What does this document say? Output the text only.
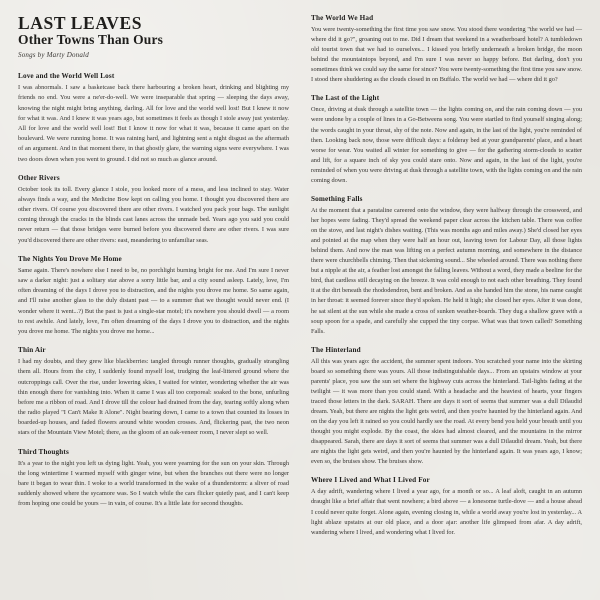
LAST LEAVES
Other Towns Than Ours
Songs by Marty Donald
Love and the World Well Lost
I was abnormals. I saw a basketcase back there harbouring a broken heart, drinking and blighting my friends no end. You were a ne'er-do-well. We were inseparable that spring — sleeping the days away, knowing the night might bring anything, darling. All for love and the world well lost! But I knew it now for what it was. And I knew it was years ago, but sometimes it feels as though I stole away just yesterday. All for love and the world well lost! But I know it now for what it was, because it came apart on the boulevard. We were running home. It was raining hard, and lightning sent a night disgust as the aftermath of an argument. And in that moment there, in that ghostly glare, the warning signs were everywhere. I was two doors down when you went to ground. I did not so much as glance around.
Other Rivers
October took its toll. Every glance I stole, you looked more of a mess, and less inclined to stay. Water always finds a way, and the Medicine Bow kept on calling you home. I thought you discovered there are other rivers. Of course you discovered there are other rivers. I watched you pack your bags. The sunlight coming through the cracks in the blinds cast lanes across the unmade bed. Years ago you said you could never return — that those bridges were burned before you discovered there are other rivers. I was sure you'd discovered there are other rivers: east, meandering to unfamiliar seas.
The Nights You Drove Me Home
Same again. There's nowhere else I need to be, no porchlight burning bright for me. And I'm sure I never saw a darker night: just a solitary star above a sorry little bar, and a city sound asleep. Lately, love, I'm often dreaming of the days I drove you to distraction, and the nights you drove me home. So same again, and I'll raise another glass to the duly distant past — to a summer that we thought would never end. (I wonder where it went...?) But the past is just a single-star motel; it's nowhere you should dwell — a room to rest awhile. And lately, love, I'm often dreaming of the days I drove you to distraction, and the nights you drove me home. The nights you drove me home...
Thin Air
I had my doubts, and they grew like blackberries: tangled through runner thoughts, gradually strangling them all. Hours from the city, I suddenly found myself lost, trudging the leaf-littered ground where the outcroppings call. Over the rise, under lowering skies, I waited for winter, wondering whether the air was thin enough there for vanishing into. When it came I was all too corporeal: soaked to the bone, unfurling before me a ribbon of road. And I drove till the colour had drained from the day, tearing softly along when the radio played "I Can't Make It Alone". Night bearing down, I came to a town that counted its losses in boarded-up houses, and faded flowers around white wooden crosses. And, flickering past, the two neon stars of the Mountain View Motel; there, as the gloom of an oak-veneer room, I never slept so well.
Third Thoughts
It's a year to the night you left us dying light. Yeah, you were yearning for the sun on your skin. Through the long wintertime I warmed myself with ginger wine, but when the branches out there were no longer bare it began to wear thin. I woke to a world transformed in the wake of a thunderstorm: a sliver of road suddenly showed where the sycamore was. So I watch while the cars flicker quietly past, and I can't keep from hoping one could be yours — in vain, of course. It's a little late for second thoughts.
The World We Had
You were twenty-something the first time you saw snow. You stood there wondering "the world we had — where did it go?", groaning out to me. Did I dream that weekend in a weatherboard hotel? A tumbledown old tourist town that we had to ourselves... I kissed you briefly underneath a broken bridge, the moon behind the mountaintops beyond, and I'm sure I was never so happy before. But darling, don't you sometimes think we could say the same for since? You were twenty-something the first time you saw snow. I stood there shuddering as the clouds closed in on Buffalo. The world we had — where did it go?
The Last of the Light
Once, driving at dusk through a satellite town — the lights coming on, and the rain coming down — you were undone by a couple of lines in a Go-Betweens song. You were startled to find yourself singing along; the words caught in your throat, shy of the note. Now and again, in the last of the light, you're reminded of then. Looking back now, those were difficult days: a folderay bed at your grandparents' place, and a heart worse for wear. You waited all winter for something to give — for the gathering storm-clouds to scatter and lift, for a square inch of sky you could stare onto. Now and again, in the last of the light, you're reminded of when you were driving at dusk through a satellite town, with the lights coming on and the rain coming down.
Something Falls
At the moment that a parataline careered onto the window, they were halfway through the crossword, and her hopes were fading. They'd spread the weekend paper clear across the kitchen table. There was coffee on the stove, and last night's dishes waiting. (This was months ago and miles away.) She'd closed her eyes and pointed at the map when they were half an hour out, leaving town for Labour Day, all those lights behind them. And now the man was lifting on a perfect autumn morning, and somewhere in the distance there were churchbells chiming. Then that sickening sound... She wheeled around. There was nothing there but a nipple at the air, a feather lost amongst the falling leaves. Without a word, they made a beeline for the bird, that cardless still decaying on the breeze. It was cold enough to not each other breathing. They found it at the dirt beneath the rhododendron, bent and broken. And as she handed him the stone, his name caught in her throat: it seemed forever since they'd spoken. He held it high; she closed her eyes. After it was done, he sat silent at the sun while she made a cross of sunken weather-boards. They dug a shallow grave with a soup spoon for a spade, and carefully she cupped the tiny corpse. What was that town called? Something Falls.
The Hinterland
All this was years ago: the accident, the summer spent indoors. You scratched your name into the skirting board so something there was yours. All those indistinguishable days... From an upstairs window at your parents' place, you saw the sun set where the highway cuts across the hinterland. Tail-lights fading at the twilight — it was more than you could stand. With a headache and the heaviest of hearts, your fingers traced those letters in the dark. SARAH. There are days it sort of seems that summer was a dull Dilaudid dream. Yeah, but there are nights the light gets weird, and then you're haunted by the hinterland again. And on the day you left it rained so you could hardly see the road. At every bend you held your breath until you thought you might explode. By the coast, the skies had almost cleared, and the mountains in the mirror disappeared. Sarah, there are days it sort of seems that summer was a dull Dilaudid dream. Yeah, but there are nights the light gets weird, and then you're haunted by the hinterland again. It was years ago, I know; even so, the bruises show. The bruises show.
Where I Lived and What I Lived For
A day adrift, wandering where I lived a year ago, for a month or so... A leaf aloft, caught in an autumn draught like a brief affair that went nowhere; a bird above — a lonesome turtle-dove — and a house ahead I could never quite forget. Alone again, evening closing in, while a world away you're lost in yesterday... A light ablaze upstairs at our old place, and a door ajar: another life glimpsed from afar. A day adrift, wandering where I lived, and wondering what I lived for.
